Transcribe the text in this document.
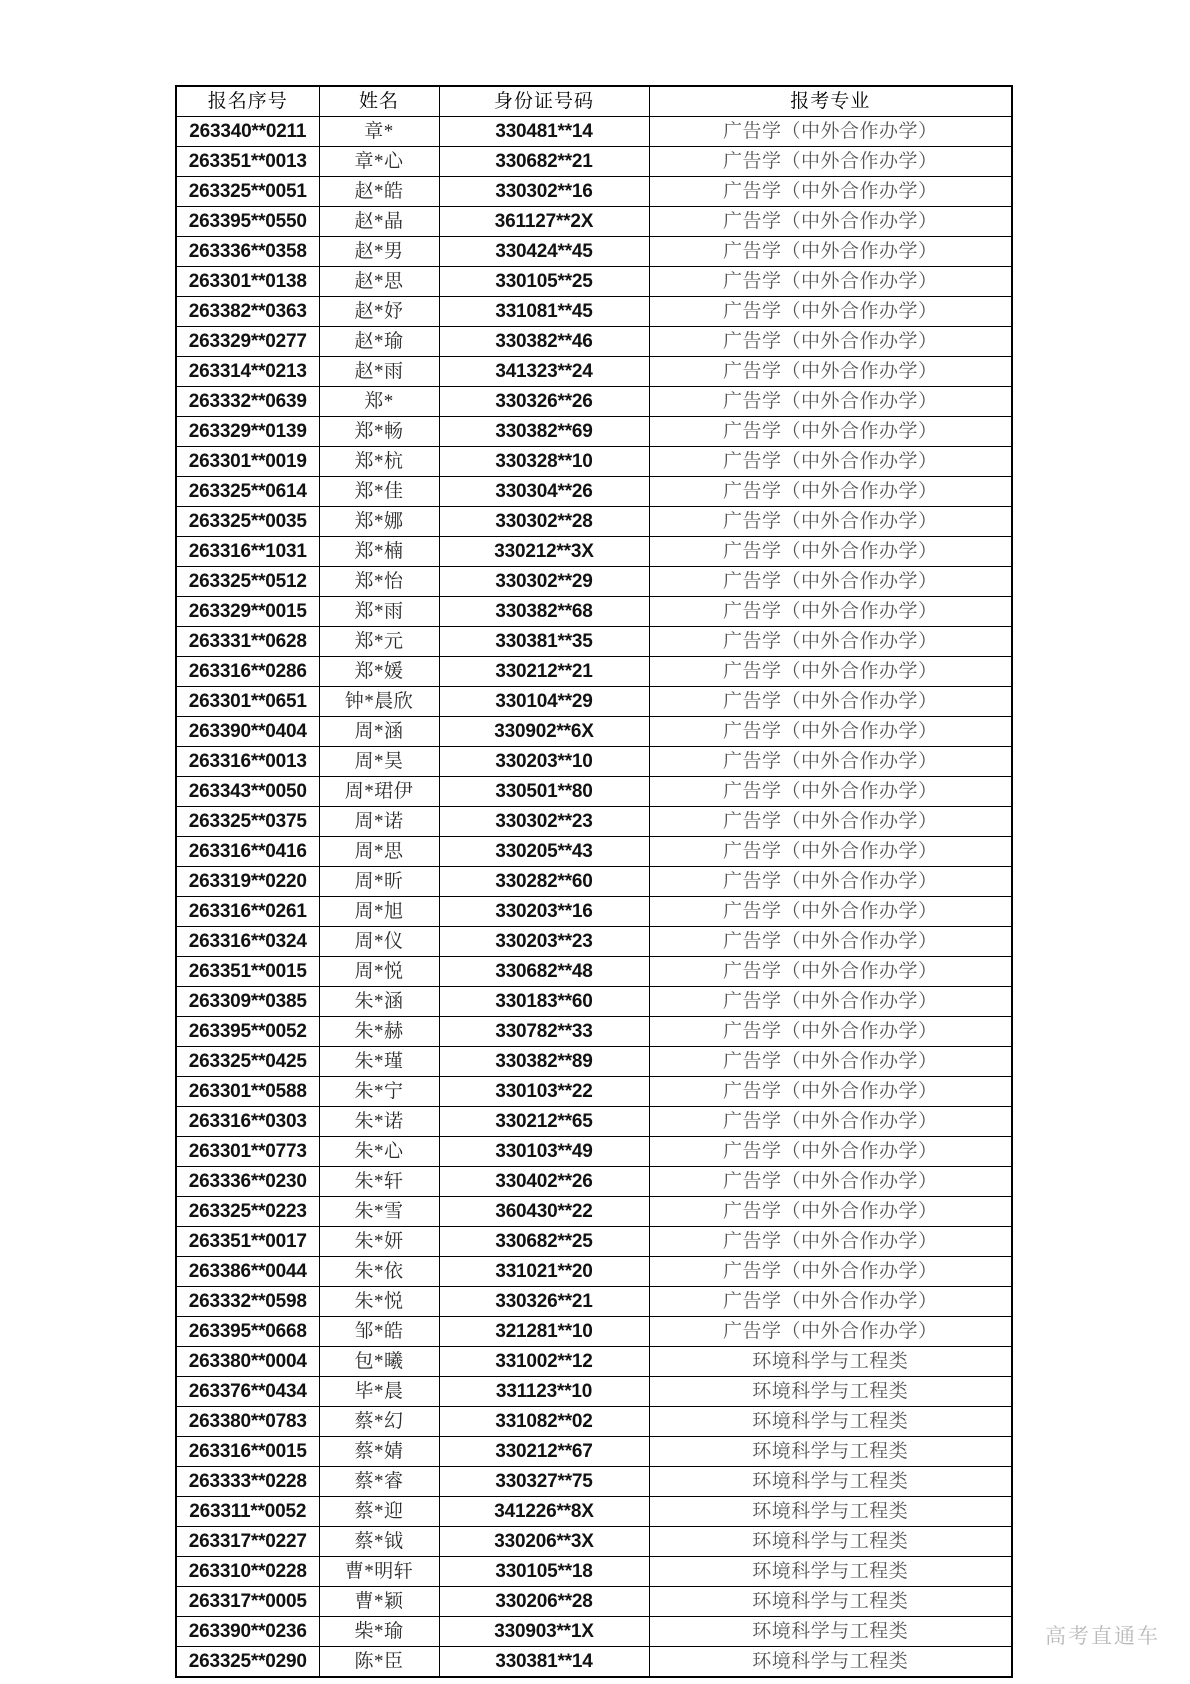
报名序号	姓名	身份证号码	报考专业
263340**0211	章*	330481**14	广告学（中外合作办学）
263351**0013	章*心	330682**21	广告学（中外合作办学）
263325**0051	赵*皓	330302**16	广告学（中外合作办学）
263395**0550	赵*晶	361127**2X	广告学（中外合作办学）
263336**0358	赵*男	330424**45	广告学（中外合作办学）
263301**0138	赵*思	330105**25	广告学（中外合作办学）
263382**0363	赵*妤	331081**45	广告学（中外合作办学）
263329**0277	赵*瑜	330382**46	广告学（中外合作办学）
263314**0213	赵*雨	341323**24	广告学（中外合作办学）
263332**0639	郑*	330326**26	广告学（中外合作办学）
263329**0139	郑*畅	330382**69	广告学（中外合作办学）
263301**0019	郑*杭	330328**10	广告学（中外合作办学）
263325**0614	郑*佳	330304**26	广告学（中外合作办学）
263325**0035	郑*娜	330302**28	广告学（中外合作办学）
263316**1031	郑*楠	330212**3X	广告学（中外合作办学）
263325**0512	郑*怡	330302**29	广告学（中外合作办学）
263329**0015	郑*雨	330382**68	广告学（中外合作办学）
263331**0628	郑*元	330381**35	广告学（中外合作办学）
263316**0286	郑*媛	330212**21	广告学（中外合作办学）
263301**0651	钟*晨欣	330104**29	广告学（中外合作办学）
263390**0404	周*涵	330902**6X	广告学（中外合作办学）
263316**0013	周*昊	330203**10	广告学（中外合作办学）
263343**0050	周*珺伊	330501**80	广告学（中外合作办学）
263325**0375	周*诺	330302**23	广告学（中外合作办学）
263316**0416	周*思	330205**43	广告学（中外合作办学）
263319**0220	周*昕	330282**60	广告学（中外合作办学）
263316**0261	周*旭	330203**16	广告学（中外合作办学）
263316**0324	周*仪	330203**23	广告学（中外合作办学）
263351**0015	周*悦	330682**48	广告学（中外合作办学）
263309**0385	朱*涵	330183**60	广告学（中外合作办学）
263395**0052	朱*赫	330782**33	广告学（中外合作办学）
263325**0425	朱*瑾	330382**89	广告学（中外合作办学）
263301**0588	朱*宁	330103**22	广告学（中外合作办学）
263316**0303	朱*诺	330212**65	广告学（中外合作办学）
263301**0773	朱*心	330103**49	广告学（中外合作办学）
263336**0230	朱*轩	330402**26	广告学（中外合作办学）
263325**0223	朱*雪	360430**22	广告学（中外合作办学）
263351**0017	朱*妍	330682**25	广告学（中外合作办学）
263386**0044	朱*依	331021**20	广告学（中外合作办学）
263332**0598	朱*悦	330326**21	广告学（中外合作办学）
263395**0668	邹*皓	321281**10	广告学（中外合作办学）
263380**0004	包*曦	331002**12	环境科学与工程类
263376**0434	毕*晨	331123**10	环境科学与工程类
263380**0783	蔡*幻	331082**02	环境科学与工程类
263316**0015	蔡*婧	330212**67	环境科学与工程类
263333**0228	蔡*睿	330327**75	环境科学与工程类
263311**0052	蔡*迎	341226**8X	环境科学与工程类
263317**0227	蔡*钺	330206**3X	环境科学与工程类
263310**0228	曹*明轩	330105**18	环境科学与工程类
263317**0005	曹*颖	330206**28	环境科学与工程类
263390**0236	柴*瑜	330903**1X	环境科学与工程类
263325**0290	陈*臣	330381**14	环境科学与工程类
高考直通车
